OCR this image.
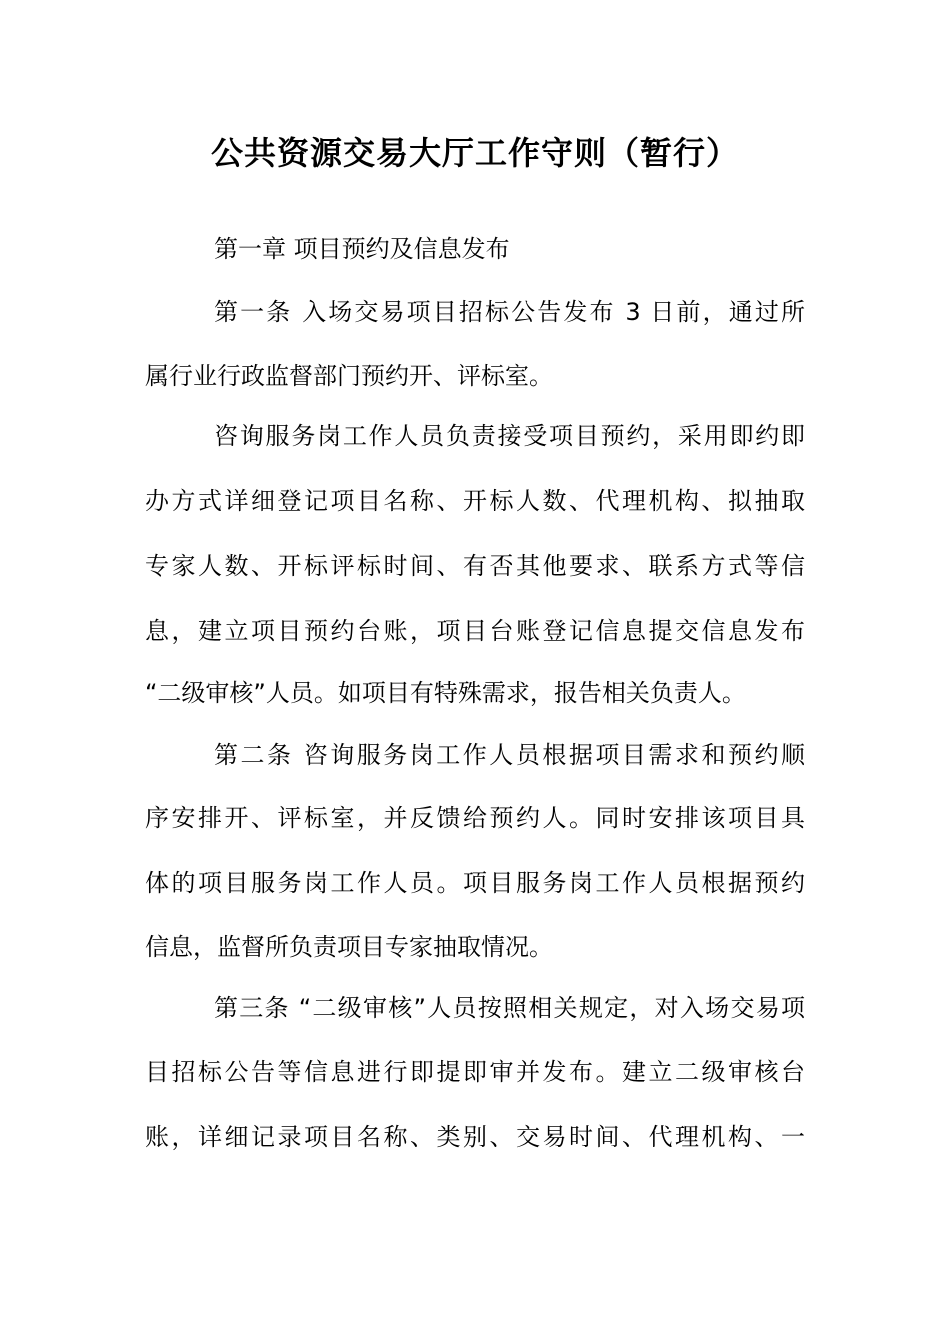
公共资源交易大厅工作守则（暂行）
第一章 项目预约及信息发布
第一条 入场交易项目招标公告发布 3 日前，通过所
属行业行政监督部门预约开、评标室。
咨询服务岗工作人员负责接受项目预约，采用即约即
办方式详细登记项目名称、开标人数、代理机构、拟抽取
专家人数、开标评标时间、有否其他要求、联系方式等信
息，建立项目预约台账，项目台账登记信息提交信息发布
“二级审核”人员。如项目有特殊需求，报告相关负责人。
第二条 咨询服务岗工作人员根据项目需求和预约顺
序安排开、评标室，并反馈给预约人。同时安排该项目具
体的项目服务岗工作人员。项目服务岗工作人员根据预约
信息，监督所负责项目专家抽取情况。
第三条 “二级审核”人员按照相关规定，对入场交易项
目招标公告等信息进行即提即审并发布。建立二级审核台
账，详细记录项目名称、类别、交易时间、代理机构、一
